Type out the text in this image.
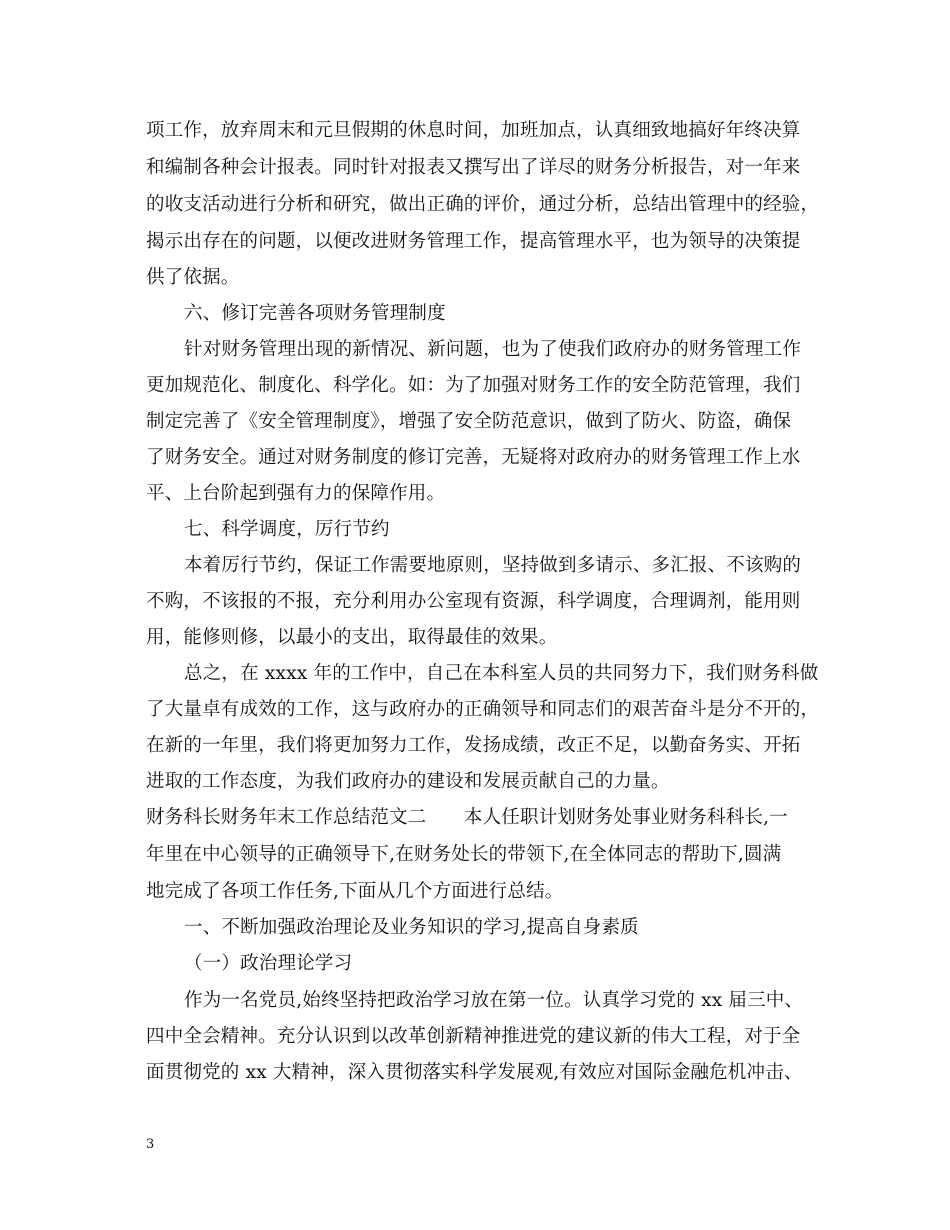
项工作，放弃周末和元旦假期的休息时间，加班加点，认真细致地搞好年终决算
和编制各种会计报表。同时针对报表又撰写出了详尽的财务分析报告，对一年来
的收支活动进行分析和研究，做出正确的评价，通过分析，总结出管理中的经验，
揭示出存在的问题，以便改进财务管理工作，提高管理水平，也为领导的决策提
供了依据。
六、修订完善各项财务管理制度
针对财务管理出现的新情况、新问题，也为了使我们政府办的财务管理工作
更加规范化、制度化、科学化。如：为了加强对财务工作的安全防范管理，我们
制定完善了《安全管理制度》，增强了安全防范意识，做到了防火、防盗，确保
了财务安全。通过对财务制度的修订完善，无疑将对政府办的财务管理工作上水
平、上台阶起到强有力的保障作用。
七、科学调度，厉行节约
本着厉行节约，保证工作需要地原则，坚持做到多请示、多汇报、不该购的
不购，不该报的不报，充分利用办公室现有资源，科学调度，合理调剂，能用则
用，能修则修，以最小的支出，取得最佳的效果。
总之，在 xxxx 年的工作中，自己在本科室人员的共同努力下，我们财务科做
了大量卓有成效的工作，这与政府办的正确领导和同志们的艰苦奋斗是分不开的，
在新的一年里，我们将更加努力工作，发扬成绩，改正不足，以勤奋务实、开拓
进取的工作态度，为我们政府办的建设和发展贡献自己的力量。
财务科长财务年末工作总结范文二　　本人任职计划财务处事业财务科科长,一
年里在中心领导的正确领导下,在财务处长的带领下,在全体同志的帮助下,圆满
地完成了各项工作任务,下面从几个方面进行总结。
一、不断加强政治理论及业务知识的学习,提高自身素质
（一）政治理论学习
作为一名党员,始终坚持把政治学习放在第一位。认真学习党的 xx 届三中、
四中全会精神。充分认识到以改革创新精神推进党的建议新的伟大工程，对于全
面贯彻党的 xx 大精神，深入贯彻落实科学发展观,有效应对国际金融危机冲击、
3
